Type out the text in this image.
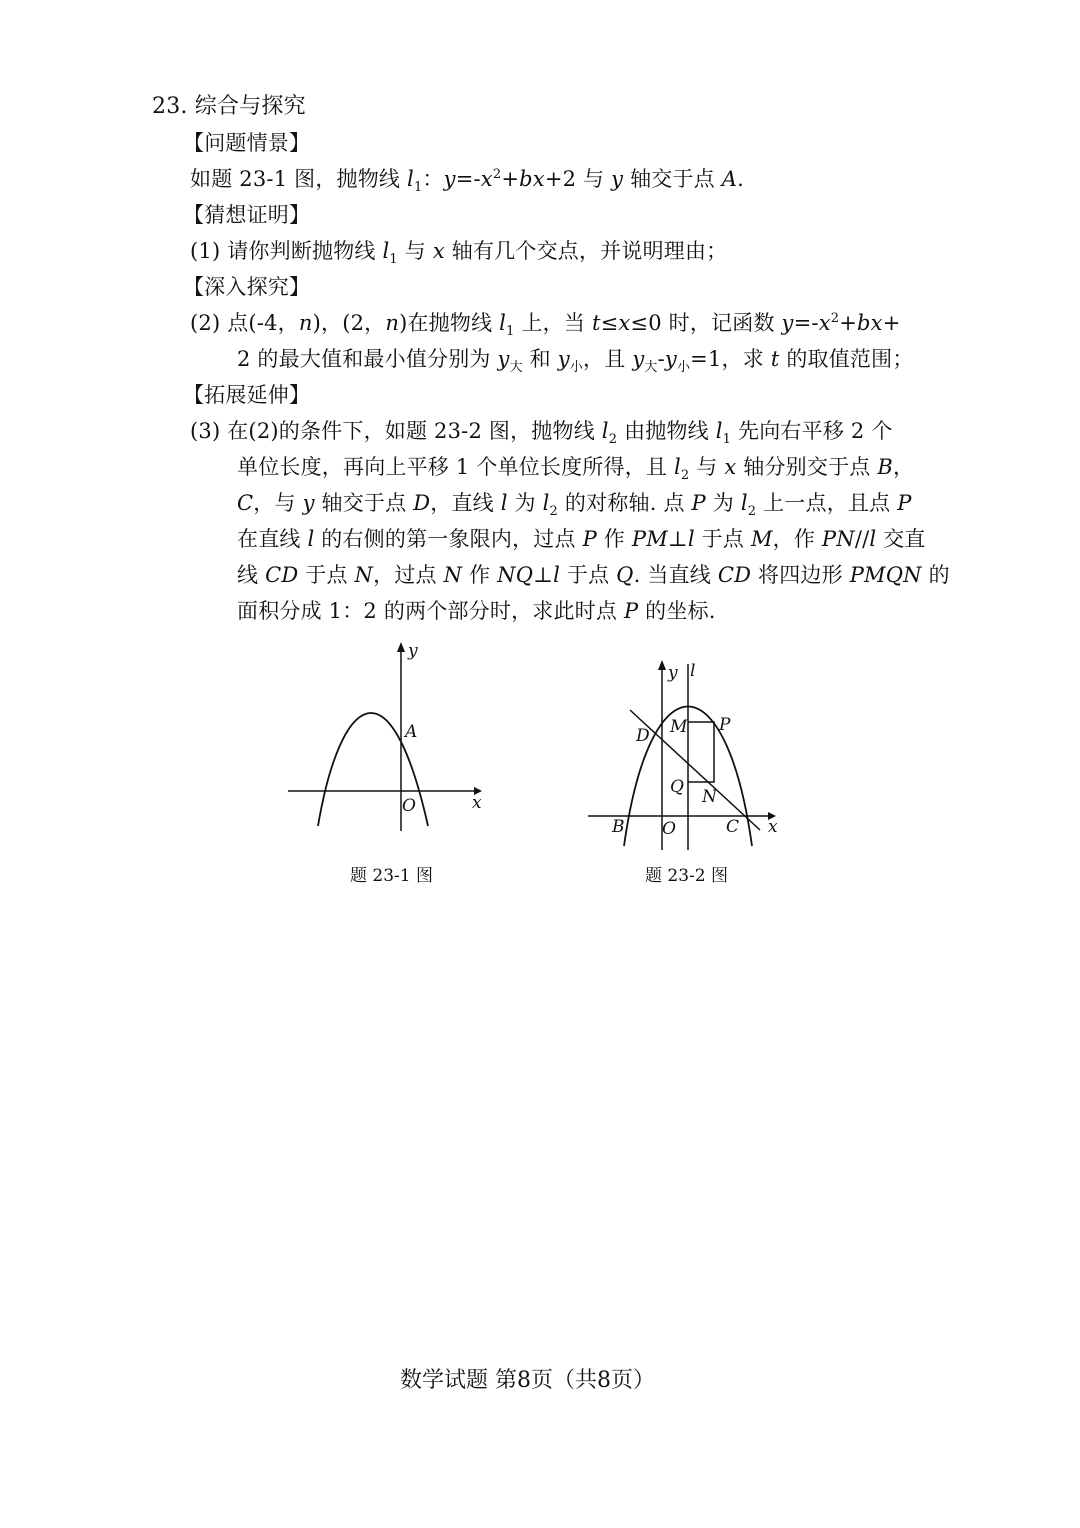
23. 综合与探究
【问题情景】
如题 23-1 图，抛物线 $l_1$：$y=-x^2+bx+2$ 与 y 轴交于点 A.
【猜想证明】
(1) 请你判断抛物线 $l_1$ 与 x 轴有几个交点，并说明理由；
【深入探究】
(2) 点(-4，n)，(2，n)在抛物线 $l_1$ 上，当 t≤x≤0 时，记函数 $y=-x^2+bx+$
2 的最大值和最小值分别为 $y_大$ 和 $y_小$，且 $y_大-y_小=1$，求 t 的取值范围；
【拓展延伸】
(3) 在(2)的条件下，如题 23-2 图，抛物线 $l_2$ 由抛物线 $l_1$ 先向右平移 2 个
单位长度，再向上平移 1 个单位长度所得，且 $l_2$ 与 x 轴分别交于点 B，
C，与 y 轴交于点 D，直线 l 为 $l_2$ 的对称轴. 点 P 为 $l_2$ 上一点，且点 P
在直线 l 的右侧的第一象限内，过点 P 作 PM⊥l 于点 M，作 PN//l 交直
线 CD 于点 N，过点 N 作 NQ⊥l 于点 Q. 当直线 CD 将四边形 PMQN 的
面积分成 1：2 的两个部分时，求此时点 P 的坐标.
y
x
A
O
题 23-1 图
y l
M P
D
Q N
B O	C x
题 23-2 图
数学试题 第8页（共8页）
